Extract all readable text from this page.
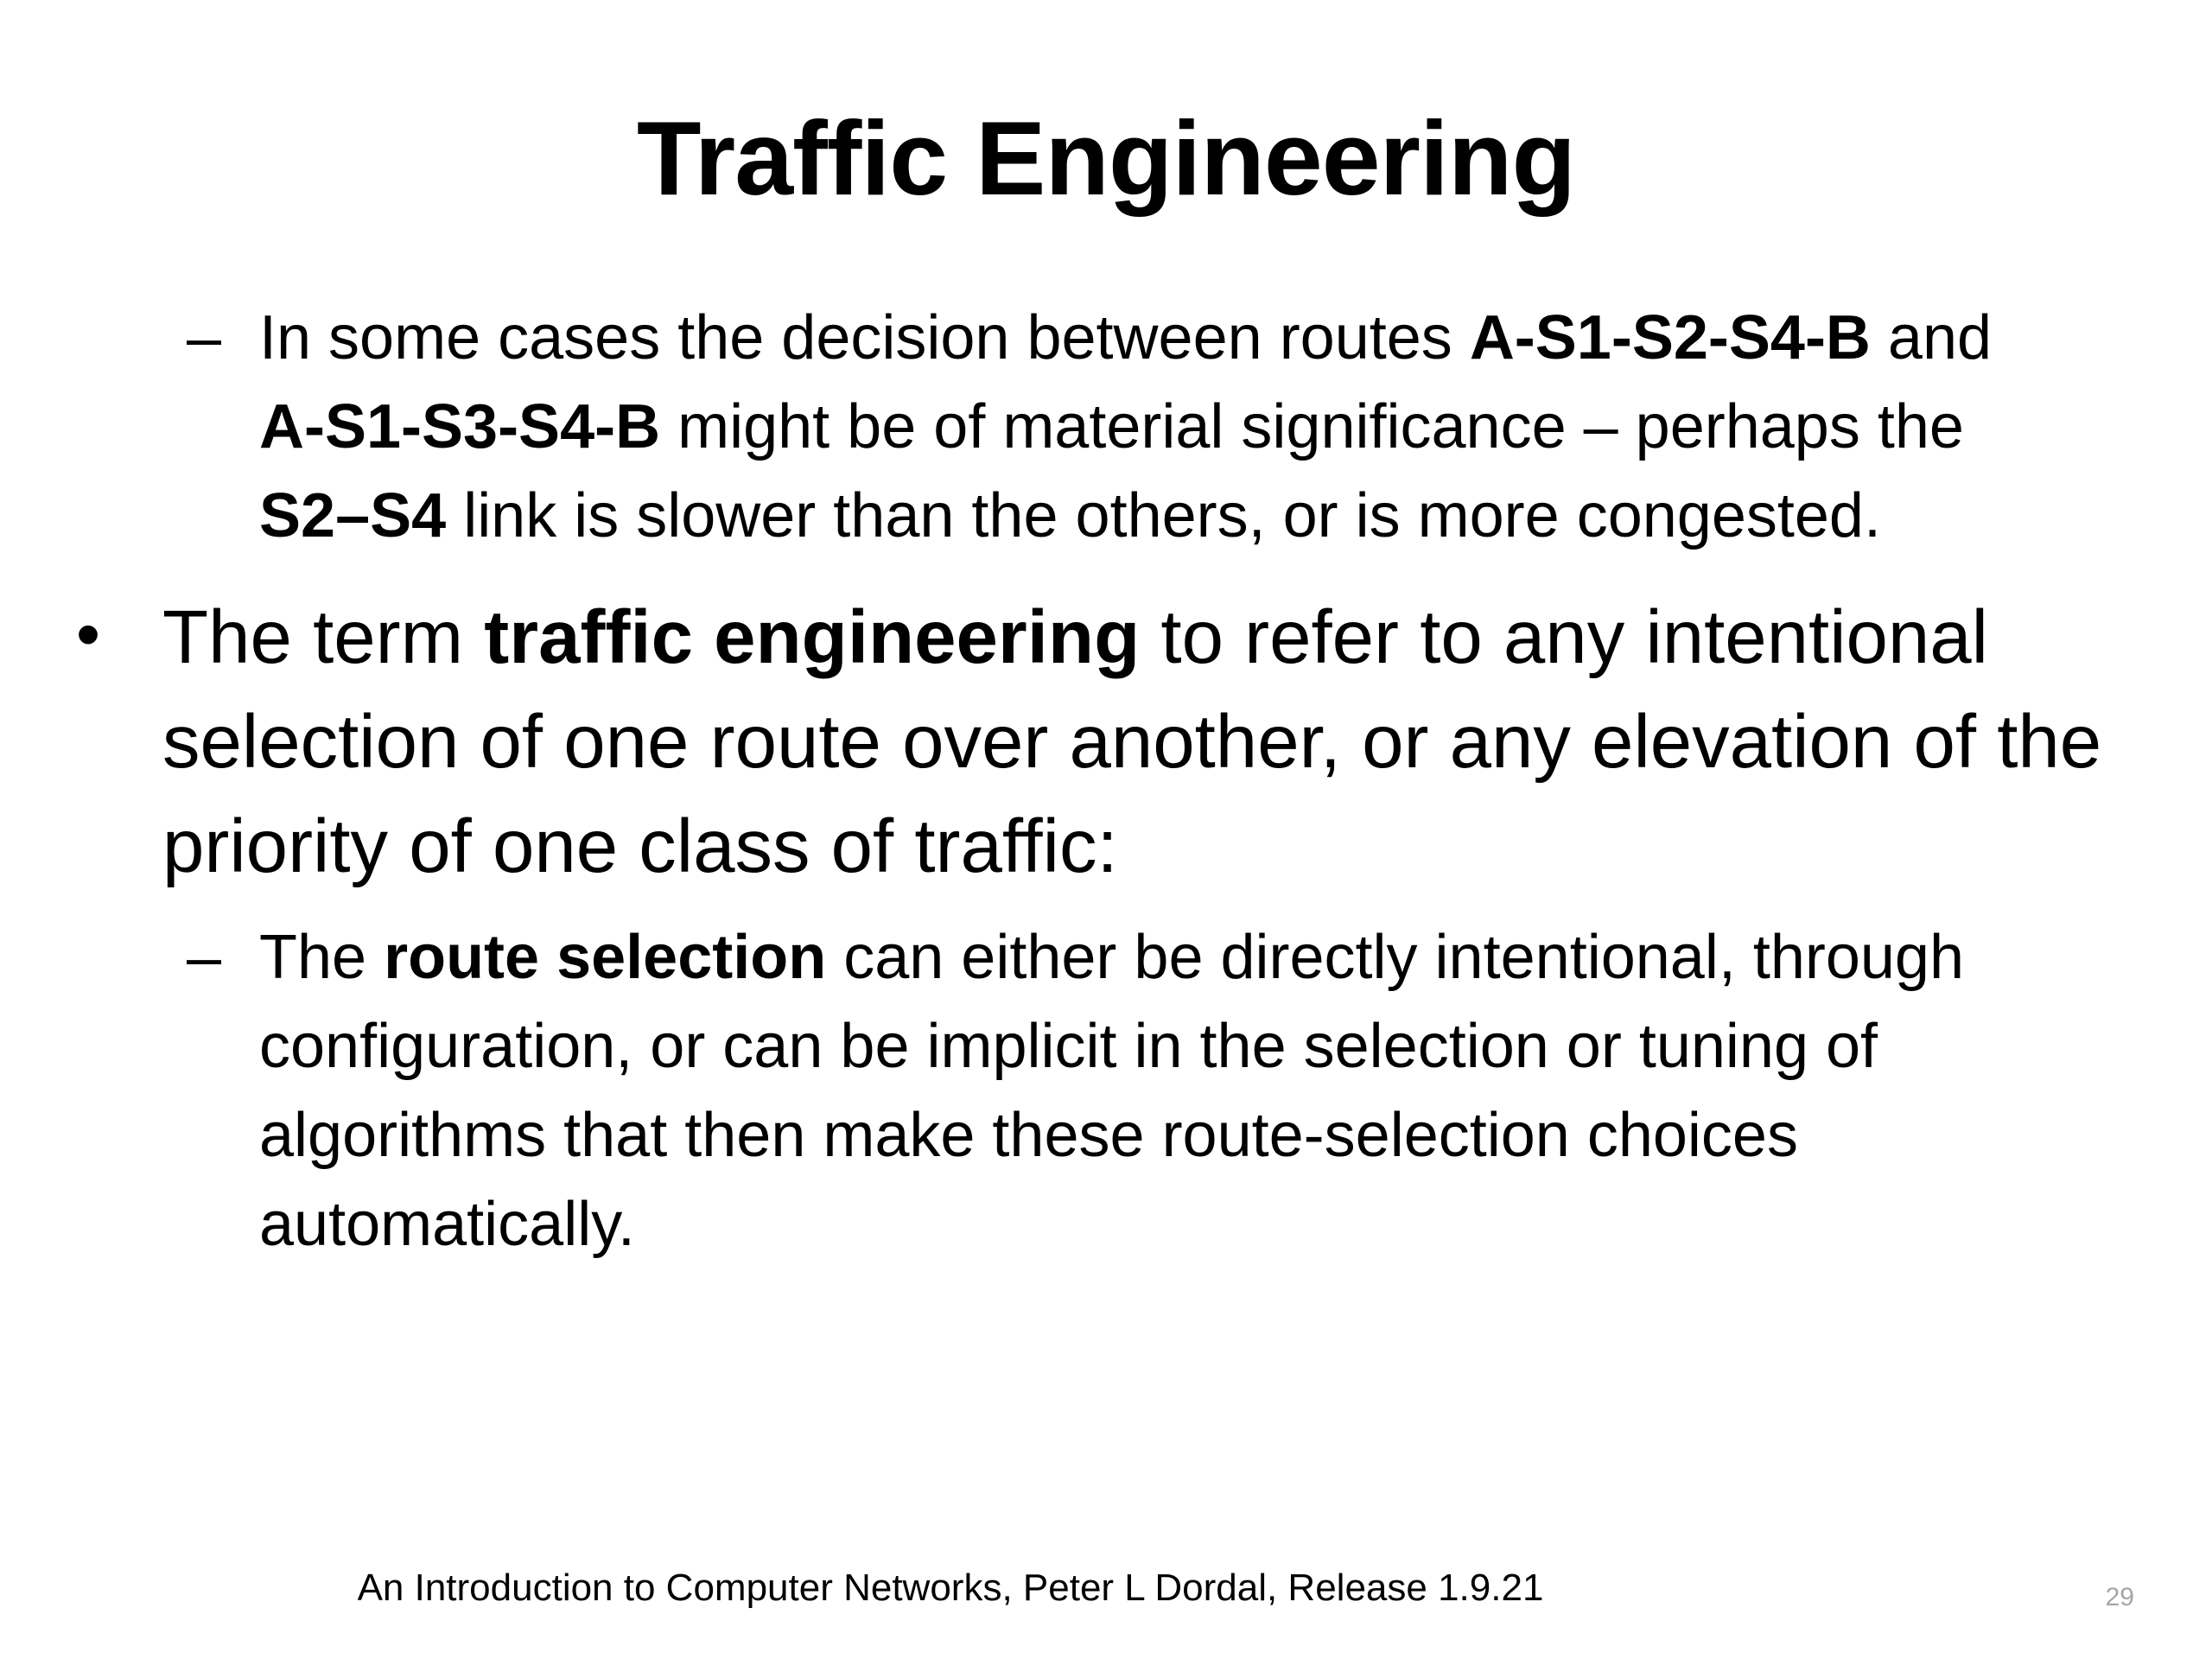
Traffic Engineering
– In some cases the decision between routes A-S1-S2-S4-B and
A-S1-S3-S4-B might be of material significance – perhaps the
S2–S4 link is slower than the others, or is more congested.
• The term traffic engineering to refer to any intentional selection of one route over another, or any elevation of the priority of one class of traffic:
– The route selection can either be directly intentional, through configuration, or can be implicit in the selection or tuning of algorithms that then make these route-selection choices automatically.
An Introduction to Computer Networks, Peter L Dordal, Release 1.9.21	29
